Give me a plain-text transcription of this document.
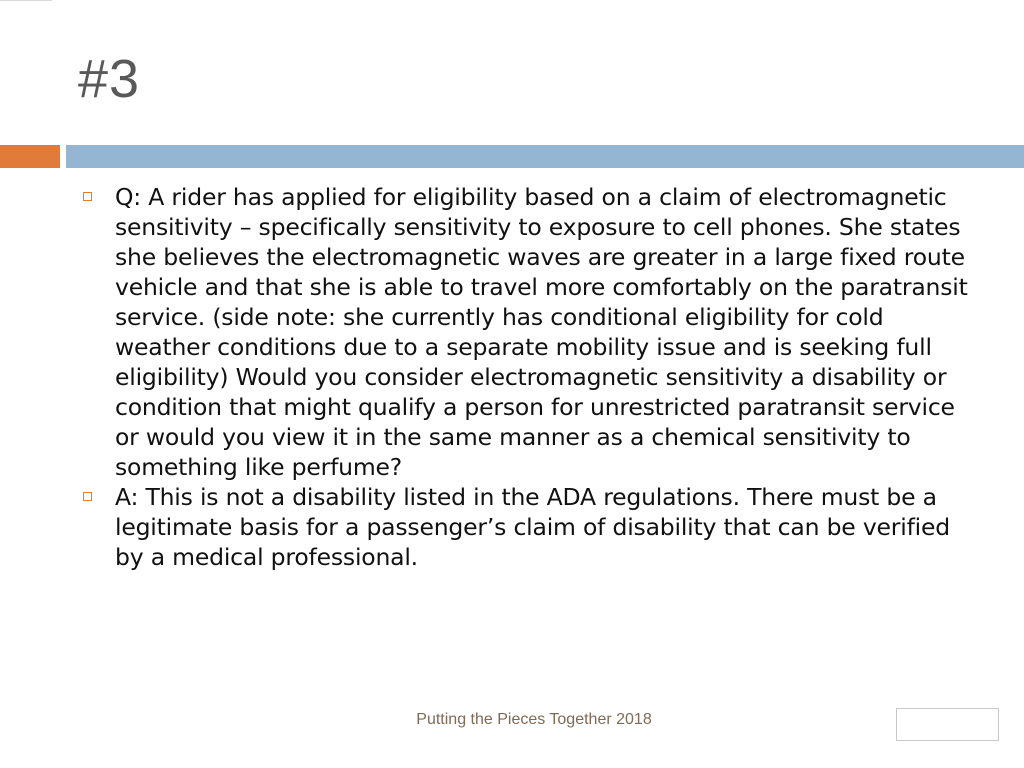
#3
Q: A rider has applied for eligibility based on a claim of electromagnetic sensitivity – specifically sensitivity to exposure to cell phones. She states she believes the electromagnetic waves are greater in a large fixed route vehicle and that she is able to travel more comfortably on the paratransit service. (side note: she currently has conditional eligibility for cold weather conditions due to a separate mobility issue and is seeking full eligibility) Would you consider electromagnetic sensitivity a disability or condition that might qualify a person for unrestricted paratransit service or would you view it in the same manner as a chemical sensitivity to something like perfume?
A: This is not a disability listed in the ADA regulations. There must be a legitimate basis for a passenger’s claim of disability that can be verified by a medical professional.
Putting the Pieces Together 2018
